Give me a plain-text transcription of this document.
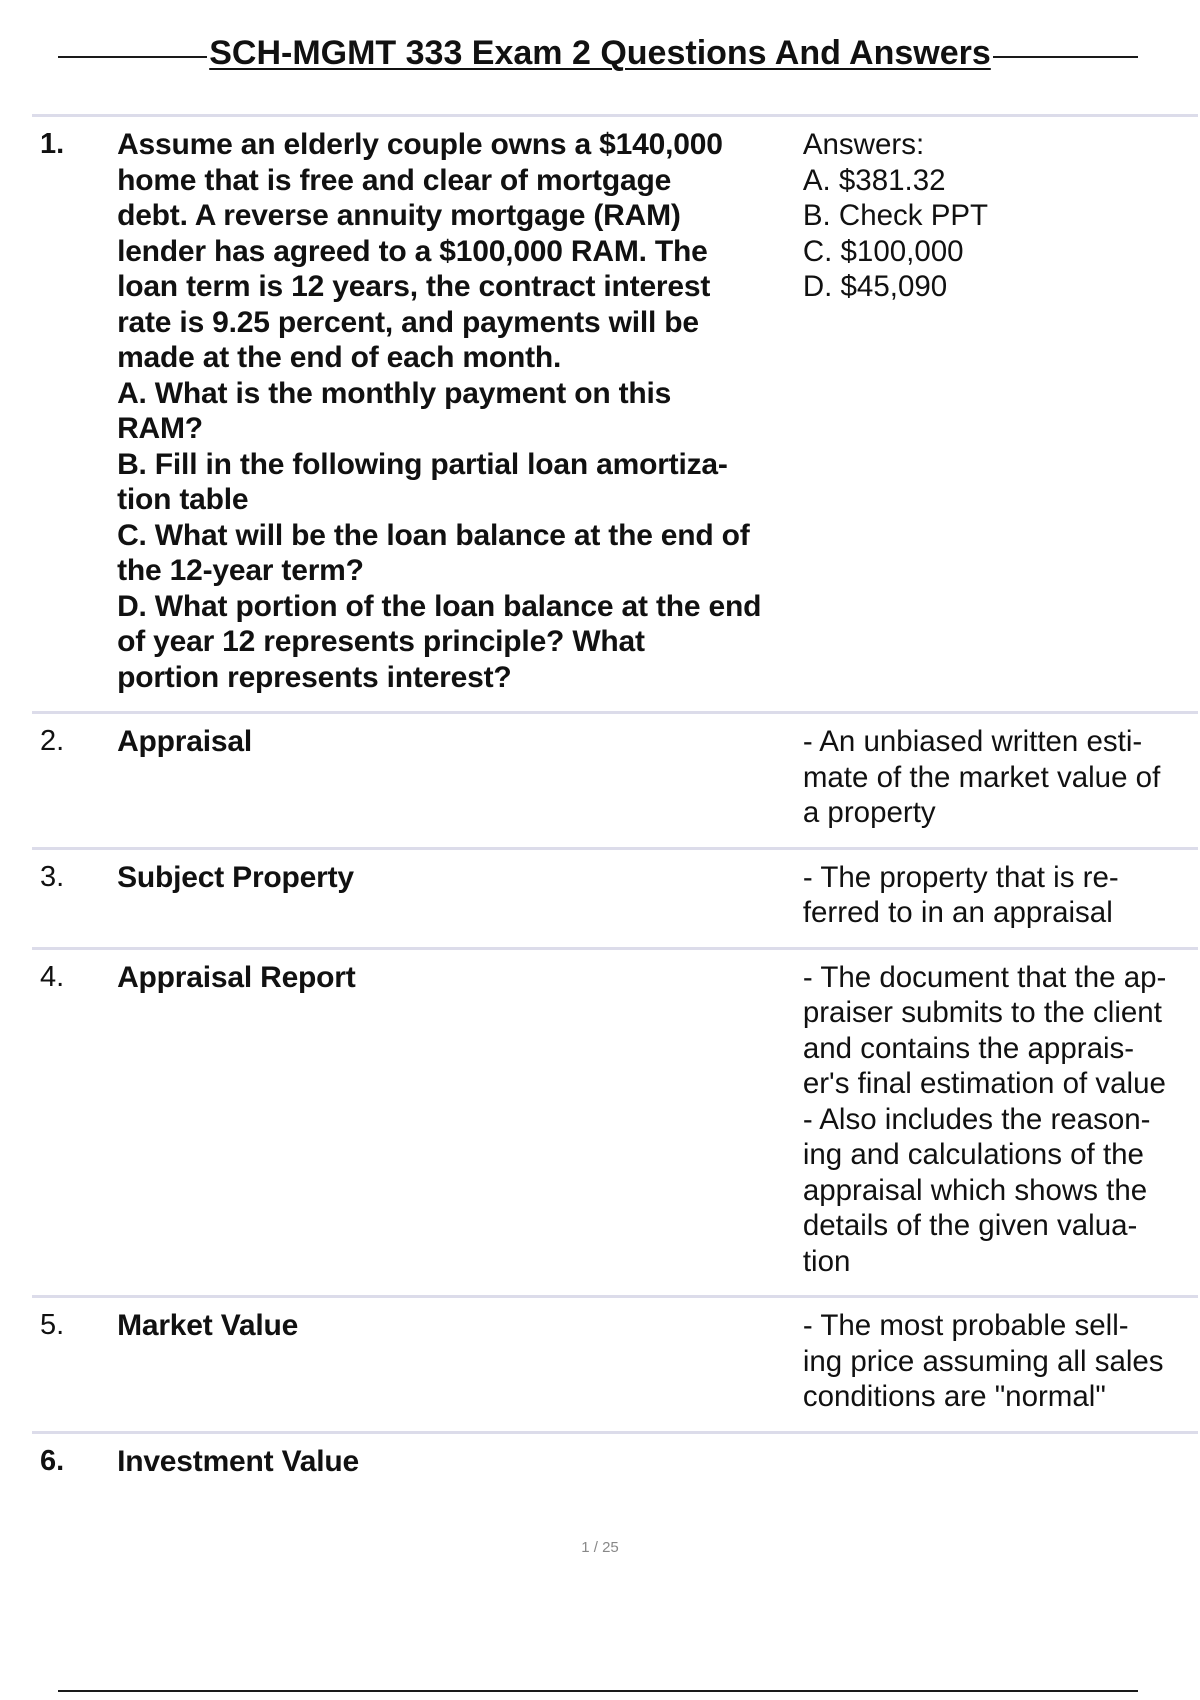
SCH-MGMT 333 Exam 2 Questions And Answers
1.	Assume an elderly couple owns a $140,000
home that is free and clear of mortgage
debt. A reverse annuity mortgage (RAM)
lender has agreed to a $100,000 RAM. The
loan term is 12 years, the contract interest
rate is 9.25 percent, and payments will be
made at the end of each month.
A. What is the monthly payment on this
RAM?
B. Fill in the following partial loan amortiza-
tion table
C. What will be the loan balance at the end of
the 12-year term?
D. What portion of the loan balance at the end
of year 12 represents principle? What
portion represents interest?
Answers:
A. $381.32
B. Check PPT
C. $100,000
D. $45,090
2.	Appraisal	- An unbiased written esti-
mate of the market value of
a property
3.	Subject Property	- The property that is re-
ferred to in an appraisal
4.	Appraisal Report	- The document that the ap-
praiser submits to the client
and contains the apprais-
er's final estimation of value
- Also includes the reason-
ing and calculations of the
appraisal which shows the
details of the given valua-
tion
5.	Market Value	- The most probable sell-
ing price assuming all sales
conditions are "normal"
6.	Investment Value
1 / 25
